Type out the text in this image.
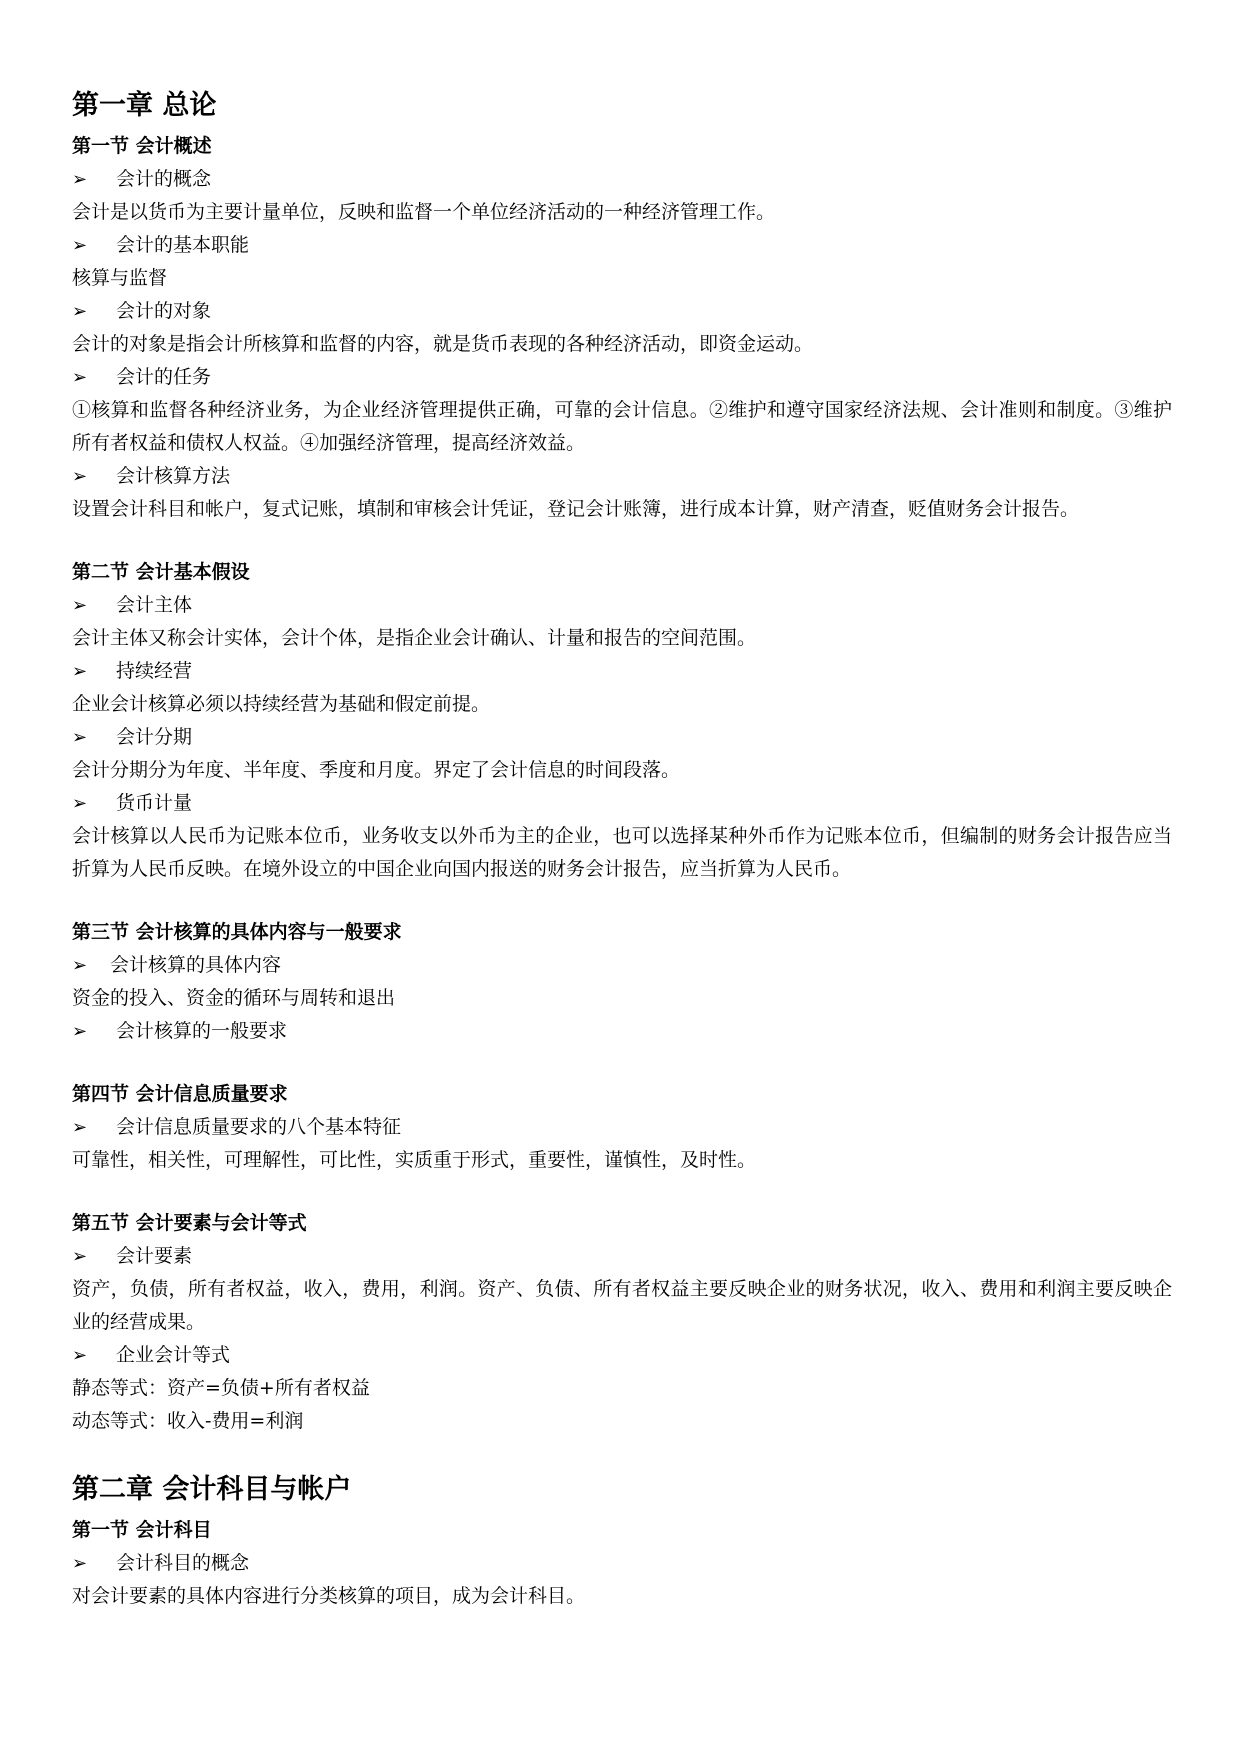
第一章 总论
第一节 会计概述
➢	会计的概念

会计是以货币为主要计量单位，反映和监督一个单位经济活动的一种经济管理工作。

➢	会计的基本职能

核算与监督

➢	会计的对象

会计的对象是指会计所核算和监督的内容，就是货币表现的各种经济活动，即资金运动。

➢	会计的任务

①核算和监督各种经济业务，为企业经济管理提供正确，可靠的会计信息。②维护和遵守国家经济法规、会计准则和制度。③维护所有者权益和债权人权益。④加强经济管理，提高经济效益。

➢	会计核算方法

设置会计科目和帐户，复式记账，填制和审核会计凭证，登记会计账簿，进行成本计算，财产清查，贬值财务会计报告。

第二节 会计基本假设
➢	会计主体

会计主体又称会计实体，会计个体，是指企业会计确认、计量和报告的空间范围。

➢	持续经营

企业会计核算必须以持续经营为基础和假定前提。

➢	会计分期

会计分期分为年度、半年度、季度和月度。界定了会计信息的时间段落。

➢	货币计量

会计核算以人民币为记账本位币，业务收支以外币为主的企业，也可以选择某种外币作为记账本位币，但编制的财务会计报告应当折算为人民币反映。在境外设立的中国企业向国内报送的财务会计报告，应当折算为人民币。

第三节 会计核算的具体内容与一般要求
➢	会计核算的具体内容

资金的投入、资金的循环与周转和退出

➢	会计核算的一般要求
第四节 会计信息质量要求
➢	会计信息质量要求的八个基本特征

可靠性，相关性，可理解性，可比性，实质重于形式，重要性，谨慎性，及时性。

第五节 会计要素与会计等式
➢	会计要素

资产，负债，所有者权益，收入，费用，利润。资产、负债、所有者权益主要反映企业的财务状况，收入、费用和利润主要反映企业的经营成果。

➢	企业会计等式

静态等式：资产=负债+所有者权益

动态等式：收入-费用=利润

第二章 会计科目与帐户
第一节 会计科目
➢	会计科目的概念

对会计要素的具体内容进行分类核算的项目，成为会计科目。
